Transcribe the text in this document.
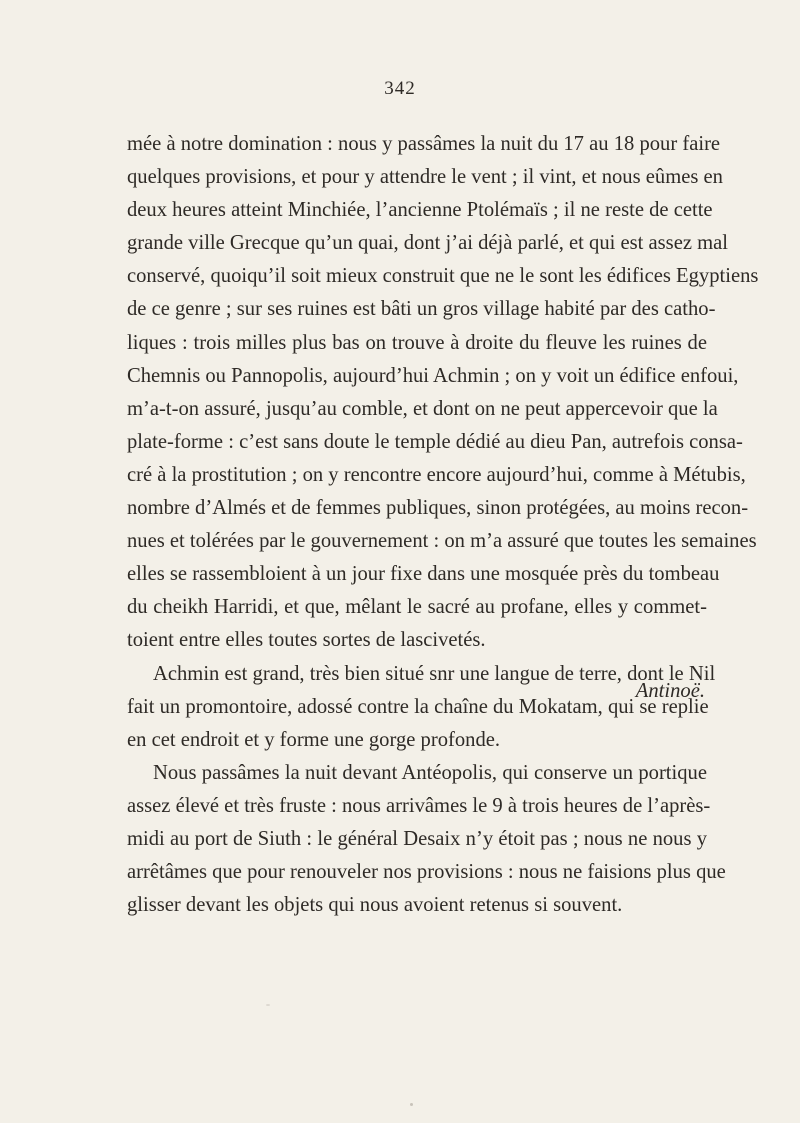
342
mée à notre domination : nous y passâmes la nuit du 17 au 18 pour faire
quelques provisions, et pour y attendre le vent ; il vint, et nous eûmes en
deux heures atteint Minchiée, l’ancienne Ptolémaïs ; il ne reste de cette
grande ville Grecque qu’un quai, dont j’ai déjà parlé, et qui est assez mal
conservé, quoiqu’il soit mieux construit que ne le sont les édifices Egyptiens
de ce genre ; sur ses ruines est bâti un gros village habité par des catho-
liques : trois milles plus bas on trouve à droite du fleuve les ruines de
Chemnis ou Pannopolis, aujourd’hui Achmin ; on y voit un édifice enfoui,
m’a-t-on assuré, jusqu’au comble, et dont on ne peut appercevoir que la
plate-forme : c’est sans doute le temple dédié au dieu Pan, autrefois consa-
cré à la prostitution ; on y rencontre encore aujourd’hui, comme à Métubis,
nombre d’Almés et de femmes publiques, sinon protégées, au moins recon-
nues et tolérées par le gouvernement : on m’a assuré que toutes les semaines
elles se rassembloient à un jour fixe dans une mosquée près du tombeau
du cheikh Harridi, et que, mêlant le sacré au profane, elles y commet-
toient entre elles toutes sortes de lascivetés.
Achmin est grand, très bien situé snr une langue de terre, dont le Nil
fait un promontoire, adossé contre la chaîne du Mokatam, qui se replie
en cet endroit et y forme une gorge profonde.
Nous passâmes la nuit devant Antéopolis, qui conserve un portique
assez élevé et très fruste : nous arrivâmes le 9 à trois heures de l’après-
midi au port de Siuth : le général Desaix n’y étoit pas ; nous ne nous y
arrêtâmes que pour renouveler nos provisions : nous ne faisions plus que
glisser devant les objets qui nous avoient retenus si souvent.
Antinoë.
